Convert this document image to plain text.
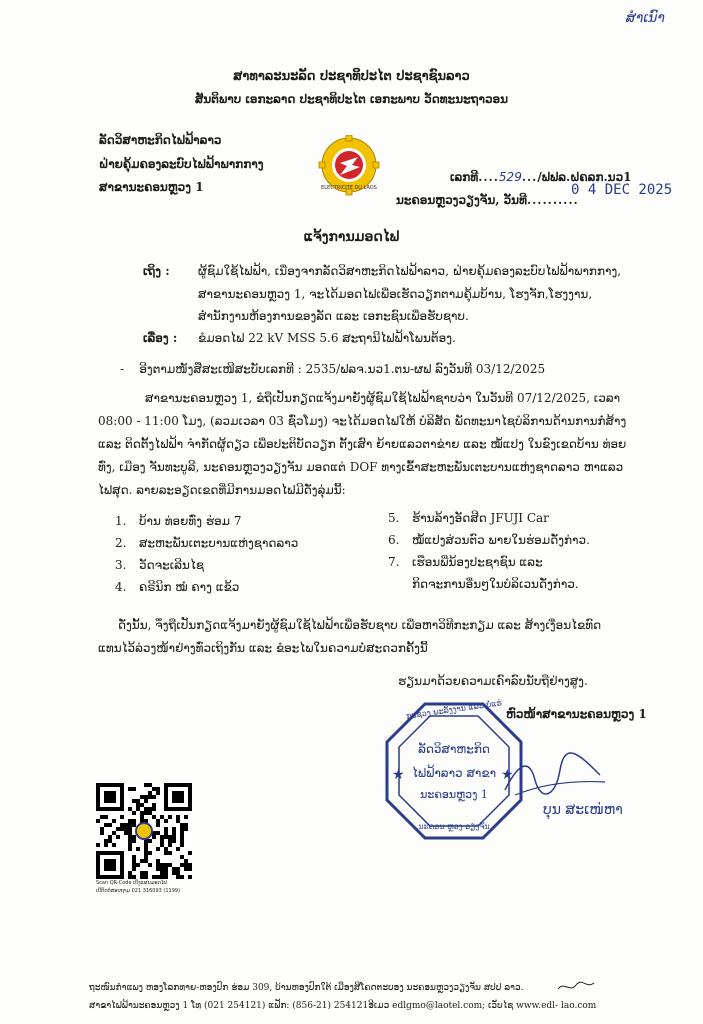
ສຳເນົາ
ສາທາລະນະລັດ ປະຊາທິປະໄຕ ປະຊາຊົນລາວ
ສັນຕິພາບ ເອກະລາດ ປະຊາທິປະໄຕ ເອກະພາບ ວັດທະນະຖາວອນ
ລັດວິສາຫະກິດໄຟຟ້າລາວ
ຝ່າຍຄຸ້ມຄອງລະບົບໄຟຟ້າພາກກາງ
ສາຂານະຄອນຫຼວງ 1	ELECTRICITE DU LAOS
ເລກທີ....529.../ຟຟລ.ຝຄລກ.ນວ1
ນະຄອນຫຼວງວຽງຈັນ, ວັນທີ..........
0 4 DEC 2025
ແຈ້ງການມອດໄຟ
ເຖິງ : ຜູ້ຊົມໃຊ້ໄຟຟ້າ, ເນື່ອງຈາກລັດວິສາຫະກິດໄຟຟ້າລາວ, ຝ່າຍຄຸ້ມຄອງລະບົບໄຟຟ້າພາກກາງ,
ສາຂານະຄອນຫຼວງ 1, ຈະໄດ້ມອດໄຟເພື່ອເຮັດວຽກຕາມຄຸ້ມບ້ານ, ໂຮງຈັກ,ໂຮງງານ,
ສຳນັກງານຫ້ອງການຂອງລັດ ແລະ ເອກະຊົນເພື່ອຮັບຊາບ.
ເລື່ອງ : ຂໍມອດໄຟ 22 kV MSS 5.6 ສະຖານີໄຟຟ້າໂພນຕ້ອງ.
-    ອີງຕາມໜັງສືສະເໜີສະບັບເລກທີ : 2535/ຟລຈ.ນວ1.ຕນ-ຜຟ ລົງວັນທີ 03/12/2025
ສາຂານະຄອນຫຼວງ 1, ຂໍຖືເປັນກຽດແຈ້ງມາຍັງຜູ້ຊົມໃຊ້ໄຟຟ້າຊາບວ່າ ໃນວັນທີ 07/12/2025, ເວລາ
08:00 - 11:00 ໂມງ, (ລວມເວລາ 03 ຊົ່ວໂມງ) ຈະໄດ້ມອດໄຟໃຫ້ ບໍລິສັດ ພັດທະນາໄຊບໍລິການດ້ານການກໍ່ສ້າງ
ແລະ ຕິດຕັ້ງໄຟຟ້າ ຈຳກັດຜູ້ດຽວ ເພື່ອປະຕິບັດວຽກ ຕັ້ງເສົາ ຍ້າຍແລວຕາຂ່າຍ ແລະ ໝໍ້ແປງ ໃນຂົງເຂດບ້ານ ທ່ອຍ
ທົ່ງ, ເມືອງ ຈັນທະບູລີ, ນະຄອນຫຼວງວຽງຈັນ ມອດແຕ່ DOF ທາງເຂົ້າສະຫະພັນເຕະບານແຫ່ງຊາດລາວ ຫາແລວ
ໄຟສຸດ. ລາຍລະອຽດເຂດທີ່ມີການມອດໄຟມີດັ່ງລຸ່ມນີ້:
1. ບ້ານ ທ່ອຍທົ່ງ ຮ່ອມ 7
2. ສະຫະພັນເຕະບານແຫ່ງຊາດລາວ
3. ວັດຈະເລີນໄຊ
4. ຄຣີນິກ ໝໍ ຄາງ ແຂ້ວ
5. ຮ້ານລ້າງອັດສີດ JFUJI Car
6. ໝໍ້ແປງສ່ວນຕົວ ພາຍໃນຮ່ອມດັ່ງກ່າວ.
7. ເຮືອນພີ່ນ້ອງປະຊາຊົນ ແລະ
ກິດຈະການອື່ນໆໃນບໍລິເວນດັ່ງກ່າວ.
ດັ່ງນັ້ນ, ຈຶ່ງຖືເປັນກຽດແຈ້ງມາຍັງຜູ້ຊົມໃຊ້ໄຟຟ້າເພື່ອຮັບຊາບ ເພື່ອຫາວິທີກະກຽມ ແລະ ສ້າງເງື່ອນໄຂທົດ
ແທນໄວ້ລ່ວງໜ້າຢ່າງທົ່ວເຖິງກັນ ແລະ ຂໍອະໄພໃນຄວາມບໍ່ສະດວກຄັ້ງນີ້
ຮຽນມາດ້ວຍຄວາມເຄົາລົບນັບຖືຢ່າງສູງ.
★	★
ກະຊວງ ພະລັງງານ ແລະ ບໍ່ແຮ່
ລັດວິສາຫະກິດ
ໄຟຟ້າລາວ ສາຂາ
ນະຄອນຫຼວງ 1
ນະຄອນ ຫຼວງ ວຽງຈັນ
ຫົວໜ້າສາຂານະຄອນຫຼວງ 1
ບຸນ ສະເໜ່ຫາ
Scan QR-Code ເບິ່ງແຜນມອດໄຟ
ເບີຕິດຕໍ່ສອບຖາມ 021 316093 (1199)
ຖະໜົນກຳແພງ ຫອງໂລກທາຍ-ຫອງປົກ ຮ່ອມ 309, ບ້ານຫອງປົກໃຕ້ ເມືອງສີໂຄດຕະບອງ ນະຄອນຫຼວງວຽງຈັນ ສປປ ລາວ.
ສາຂາໄຟຟ້ານະຄອນຫຼວງ 1 ໂທ (021 254121) ແຟັກ: (856-21) 254121ອີເມວ edlgmo@laotel.com; ເວັບໄຊ www.edl- lao.com
